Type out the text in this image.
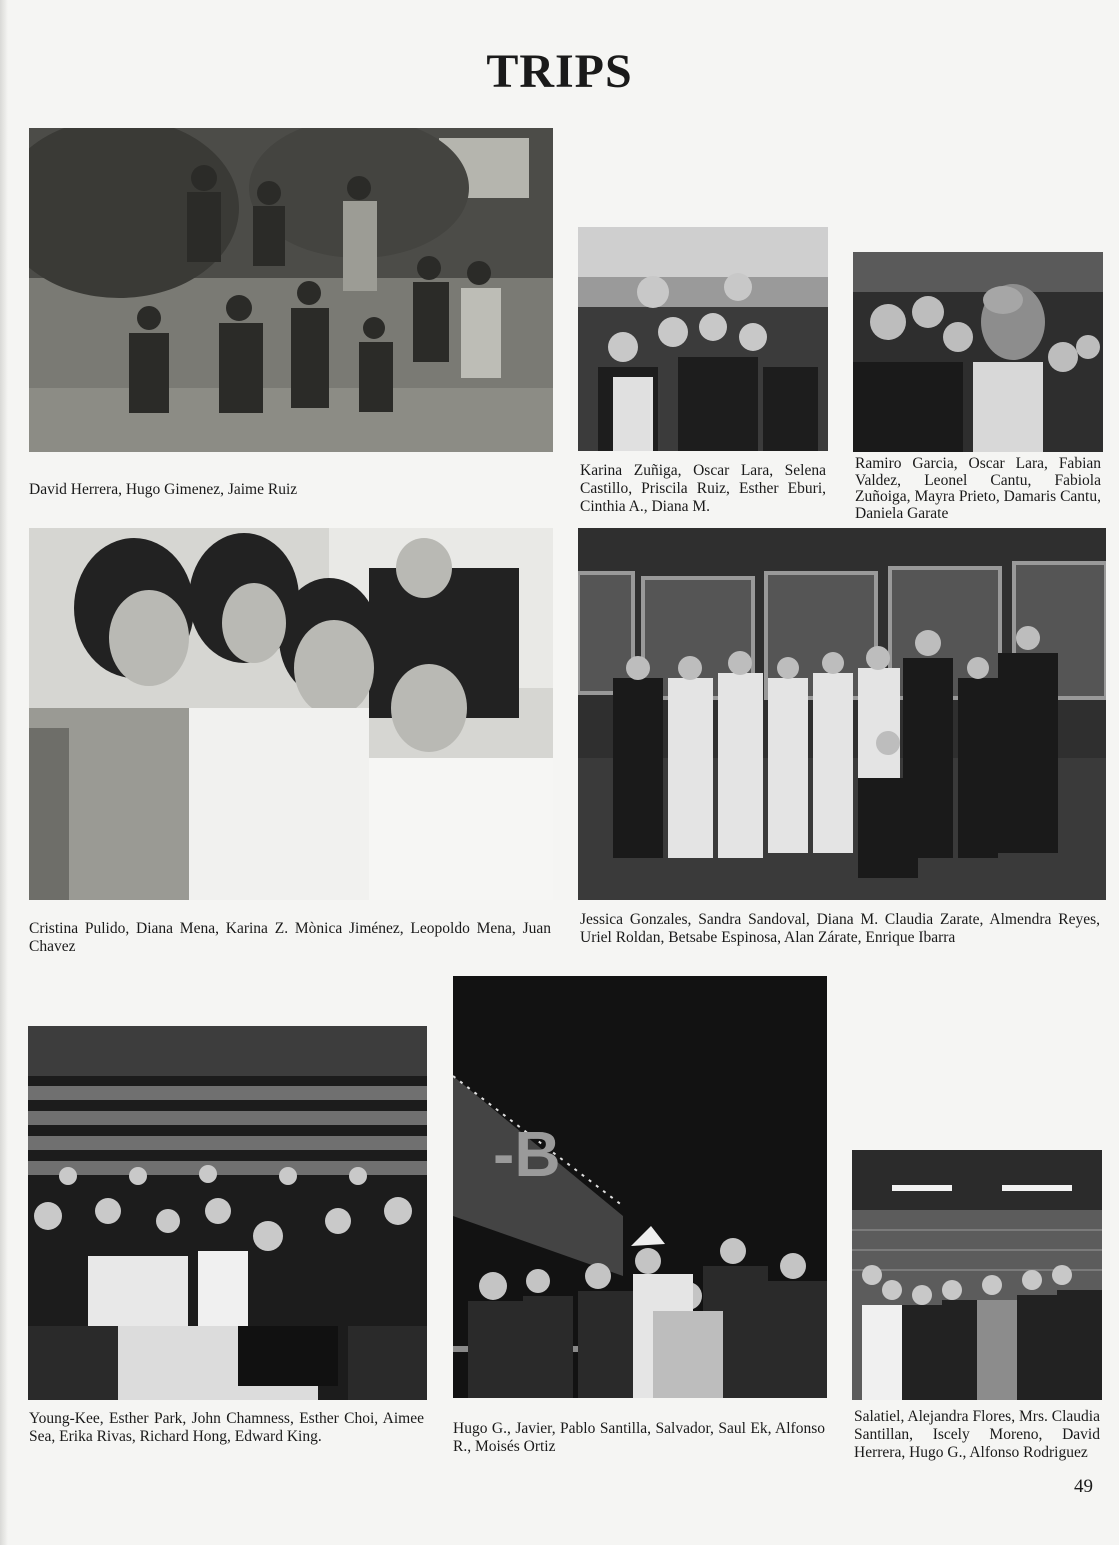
TRIPS
David Herrera, Hugo Gimenez, Jaime Ruiz
Karina Zuñiga, Oscar Lara, Selena Castillo, Priscila Ruiz, Esther Eburi, Cinthia A., Diana M.
Ramiro Garcia, Oscar Lara, Fabian Valdez, Leonel Cantu, Fabiola Zuñoiga, Mayra Prieto, Damaris Cantu, Daniela Garate
Cristina Pulido, Diana Mena, Karina Z. Mònica Jiménez, Leopoldo Mena, Juan Chavez
Jessica Gonzales, Sandra Sandoval, Diana M. Claudia Zarate, Almendra Reyes, Uriel Roldan, Betsabe Espinosa, Alan Zárate, Enrique Ibarra
Young-Kee, Esther Park, John Chamness, Esther Choi, Aimee Sea, Erika Rivas, Richard Hong, Edward King.
-B
Hugo G., Javier, Pablo Santilla, Salvador, Saul Ek, Alfonso R., Moisés Ortiz
Salatiel, Alejandra Flores, Mrs. Claudia Santillan, Iscely Moreno, David Herrera, Hugo G., Alfonso Rodriguez
49
